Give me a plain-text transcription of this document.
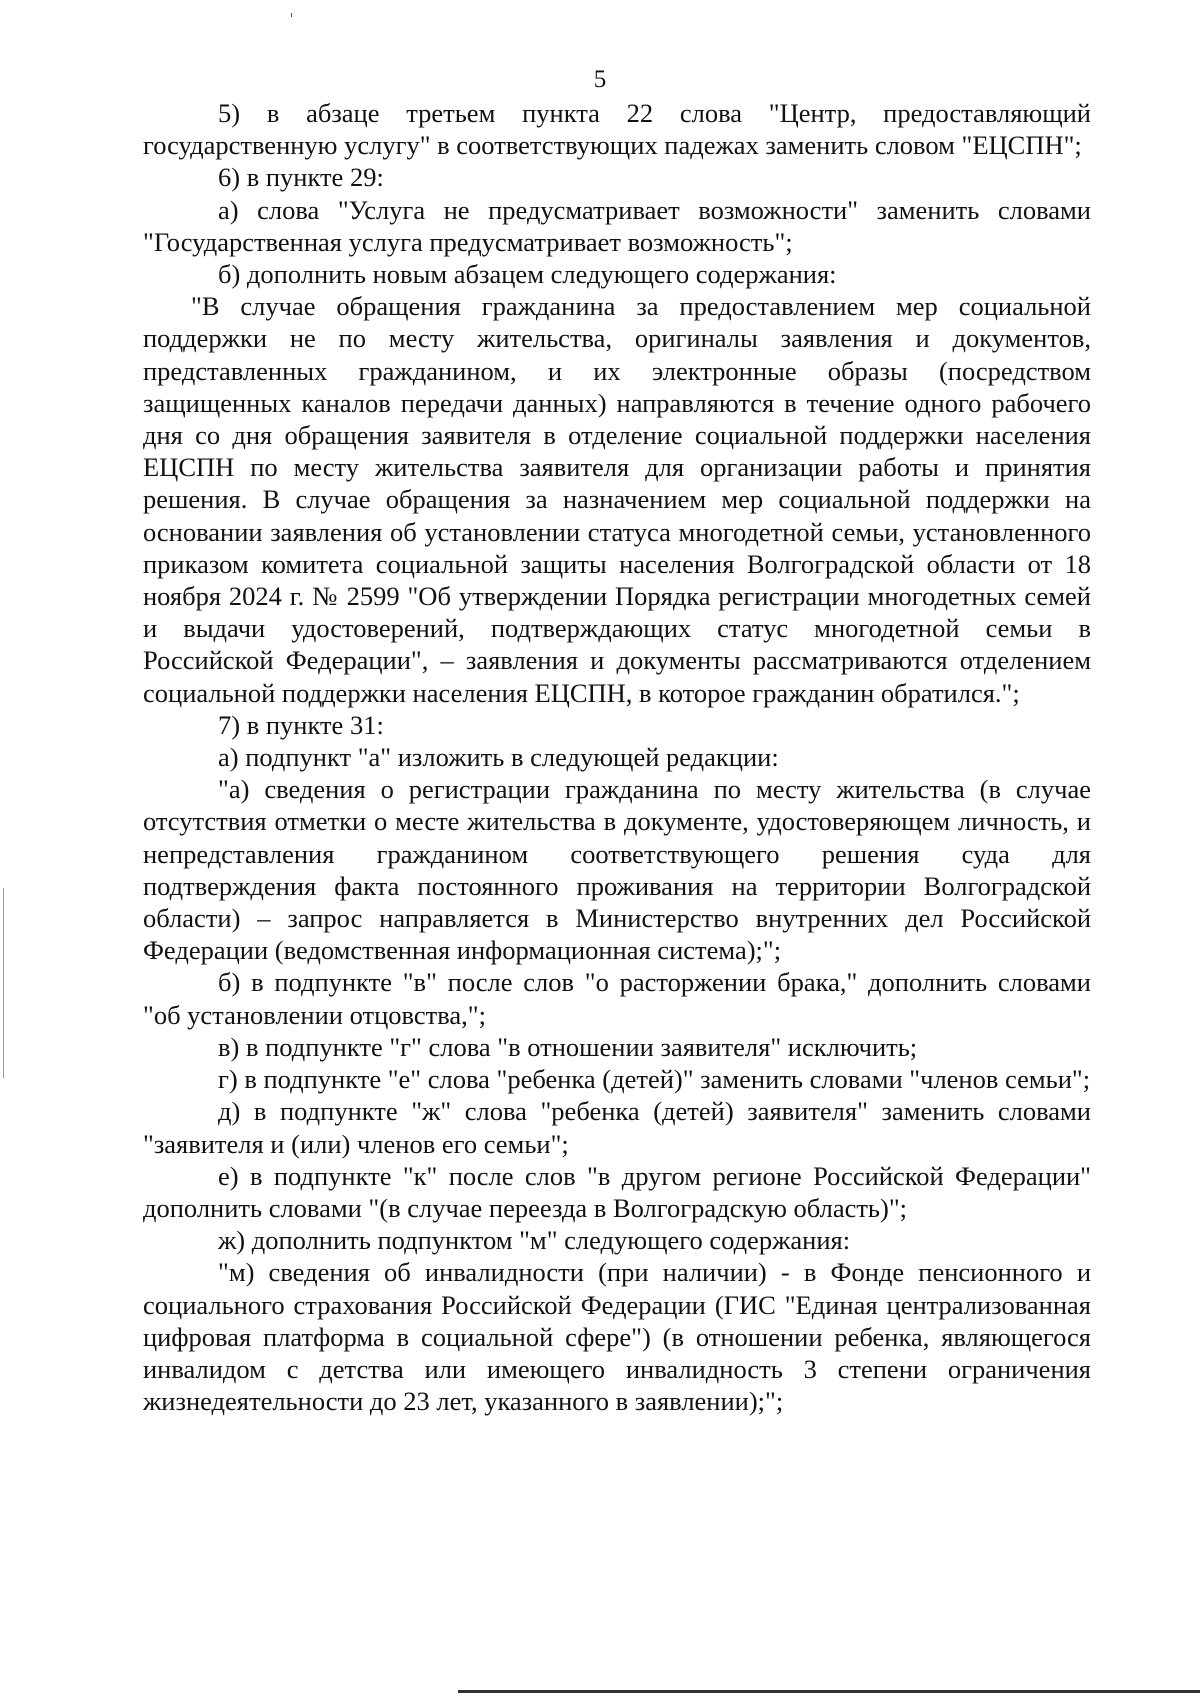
5

5) в абзаце третьем пункта 22 слова "Центр, предоставляющий государственную услугу" в соответствующих падежах заменить словом "ЕЦСПН";

6) в пункте 29:

а) слова "Услуга не предусматривает возможности" заменить словами "Государственная услуга предусматривает возможность";

б) дополнить новым абзацем следующего содержания:

"В случае обращения гражданина за предоставлением мер социальной поддержки не по месту жительства, оригиналы заявления и документов, представленных гражданином, и их электронные образы (посредством защищенных каналов передачи данных) направляются в течение одного рабочего дня со дня обращения заявителя в отделение социальной поддержки населения ЕЦСПН по месту жительства заявителя для организации работы и принятия решения. В случае обращения за назначением мер социальной поддержки на основании заявления об установлении статуса многодетной семьи, установленного приказом комитета социальной защиты населения Волгоградской области от 18 ноября 2024 г. № 2599 "Об утверждении Порядка регистрации многодетных семей и выдачи удостоверений, подтверждающих статус многодетной семьи в Российской Федерации", – заявления и документы рассматриваются отделением социальной поддержки населения ЕЦСПН, в которое гражданин обратился.";

7) в пункте 31:

а) подпункт "а" изложить в следующей редакции:

"а) сведения о регистрации гражданина по месту жительства (в случае отсутствия отметки о месте жительства в документе, удостоверяющем личность, и непредставления гражданином соответствующего решения суда для подтверждения факта постоянного проживания на территории Волгоградской области) – запрос направляется в Министерство внутренних дел Российской Федерации (ведомственная информационная система);";

б) в подпункте "в" после слов "о расторжении брака," дополнить словами "об установлении отцовства,";

в) в подпункте "г" слова "в отношении заявителя" исключить;

г) в подпункте "е" слова "ребенка (детей)" заменить словами "членов семьи";

д) в подпункте "ж" слова "ребенка (детей) заявителя" заменить словами "заявителя и (или) членов его семьи";

е) в подпункте "к" после слов "в другом регионе Российской Федерации" дополнить словами "(в случае переезда в Волгоградскую область)";

ж) дополнить подпунктом "м" следующего содержания:

"м) сведения об инвалидности (при наличии) - в Фонде пенсионного и социального страхования Российской Федерации (ГИС "Единая централизованная цифровая платформа в социальной сфере") (в отношении ребенка, являющегося инвалидом с детства или имеющего инвалидность 3 степени ограничения жизнедеятельности до 23 лет, указанного в заявлении);";
